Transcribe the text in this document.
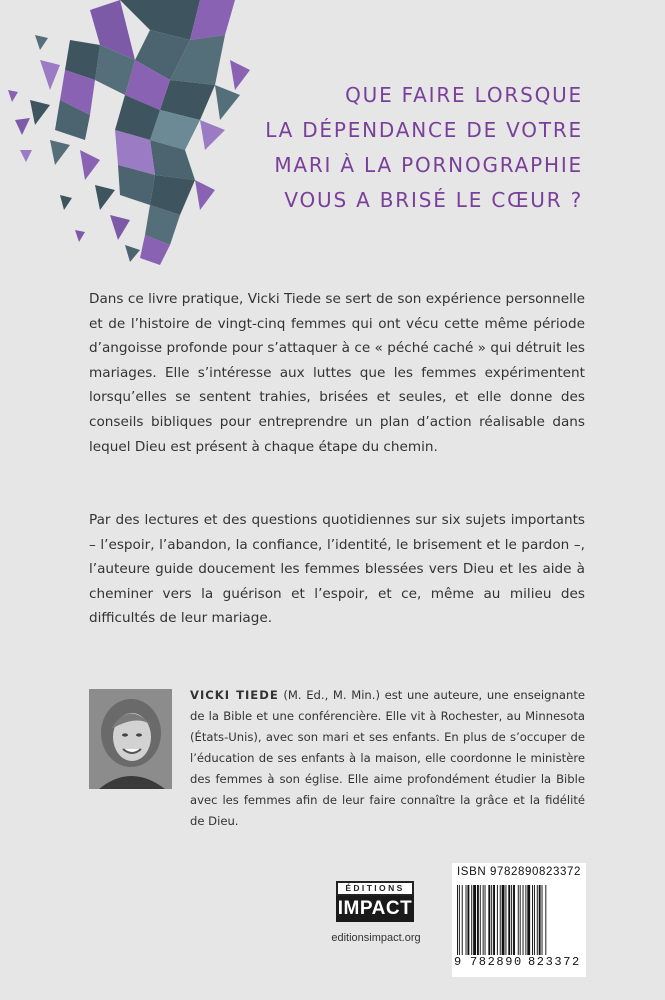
QUE FAIRE LORSQUE
LA DÉPENDANCE DE VOTRE
MARI À LA PORNOGRAPHIE
VOUS A BRISÉ LE CŒUR ?

Dans ce livre pratique, Vicki Tiede se sert de son expérience personnelle et de l’histoire de vingt-cinq femmes qui ont vécu cette même période d’angoisse profonde pour s’attaquer à ce « péché caché » qui détruit les mariages. Elle s’intéresse aux luttes que les femmes expérimentent lorsqu’elles se sentent trahies, brisées et seules, et elle donne des conseils bibliques pour entreprendre un plan d’action réalisable dans lequel Dieu est présent à chaque étape du chemin.

Par des lectures et des questions quotidiennes sur six sujets importants – l’espoir, l’abandon, la confiance, l’identité, le brisement et le pardon –, l’auteure guide doucement les femmes blessées vers Dieu et les aide à cheminer vers la guérison et l’espoir, et ce, même au milieu des difficultés de leur mariage.

VICKI TIEDE (M. Ed., M. Min.) est une auteure, une enseignante de la Bible et une conférencière. Elle vit à Rochester, au Minnesota (États-Unis), avec son mari et ses enfants. En plus de s’occuper de l’éducation de ses enfants à la maison, elle coordonne le ministère des femmes à son église. Elle aime profondément étudier la Bible avec les femmes afin de leur faire connaître la grâce et la fidélité de Dieu.

ÉDITIONS
IMPACT
editionsimpact.org
ISBN 9782890823372
9 782890 823372
